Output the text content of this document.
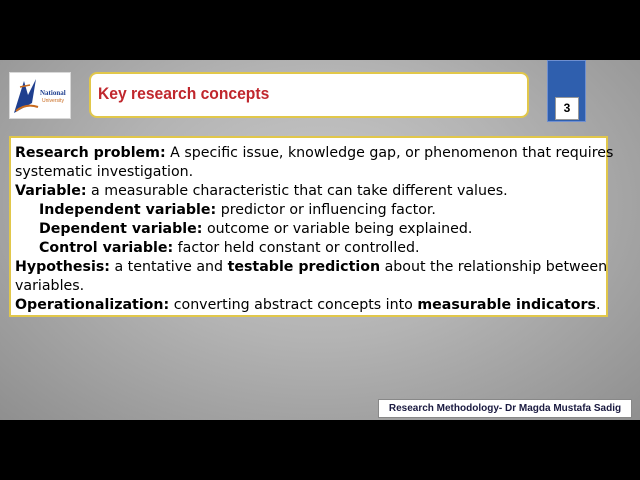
National
University Key research concepts
3
Research problem: A specific issue, knowledge gap, or phenomenon that requires
systematic investigation.
Variable: a measurable characteristic that can take different values.
Independent variable: predictor or influencing factor.
Dependent variable: outcome or variable being explained.
Control variable: factor held constant or controlled.
Hypothesis: a tentative and testable prediction about the relationship between
variables.
Operationalization: converting abstract concepts into measurable indicators.
Research Methodology- Dr Magda Mustafa Sadig
